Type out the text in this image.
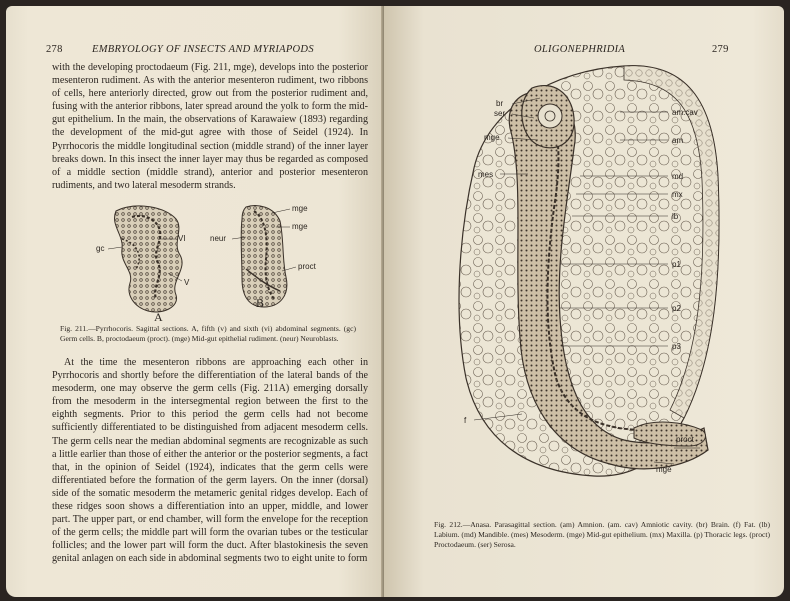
278	EMBRYOLOGY OF INSECTS AND MYRIAPODS

with the developing proctodaeum (Fig. 211, mge), develops into the posterior mesenteron rudiment. As with the anterior mesenteron rudiment, two ribbons of cells, here anteriorly directed, grow out from the posterior rudiment and, fusing with the anterior ribbons, later spread around the yolk to form the mid-gut epithelium. In the main, the observations of Karawaiew (1893) regarding the development of the mid-gut agree with those of Seidel (1924). In Pyrrhocoris the middle longitudinal section (middle strand) of the inner layer breaks down. In this insect the inner layer may thus be regarded as composed of a middle section (middle strand), anterior and posterior mesenteron rudiments, and two lateral mesoderm strands.

gc
VI
V
mge
mge
neur
proct
A
B
Fig. 211.—Pyrrhocoris. Sagittal sections. A, fifth (v) and sixth (vi) abdominal segments. (gc) Germ cells. B, proctodaeum (proct). (mge) Mid-gut epithelial rudiment. (neur) Neuroblasts.

At the time the mesenteron ribbons are approaching each other in Pyrrhocoris and shortly before the differentiation of the lateral bands of the mesoderm, one may observe the germ cells (Fig. 211A) emerging dorsally from the mesoderm in the intersegmental region between the first to the eighth segments. Prior to this period the germ cells had not become sufficiently differentiated to be distinguished from adjacent mesoderm cells. The germ cells near the median abdominal segments are recognizable as such a little earlier than those of either the anterior or the posterior segments, a fact that, in the opinion of Seidel (1924), indicates that the germ cells were differentiated before the formation of the germ layers. On the inner (dorsal) side of the somatic mesoderm the metameric genital ridges develop. Each of these ridges soon shows a differentiation into an upper, middle, and lower part. The upper part, or end chamber, will form the envelope for the reception of the germ cells; the middle part will form the ovarian tubes or the testicular follicles; and the lower part will form the duct. After blastokinesis the seven genital anlagen on each side in abdominal segments two to eight unite to form

OLIGONEPHRIDIA	279
br
ser
mge
mes
am.cav
am
md
mx
lb
p1
p2
p3
f
proct
mge
Fig. 212.—Anasa. Parasagittal section. (am) Amnion. (am. cav) Amniotic cavity. (br) Brain. (f) Fat. (lb) Labium. (md) Mandible. (mes) Mesoderm. (mge) Mid-gut epithelium. (mx) Maxilla. (p) Thoracic legs. (proct) Proctodaeum. (ser) Serosa.
